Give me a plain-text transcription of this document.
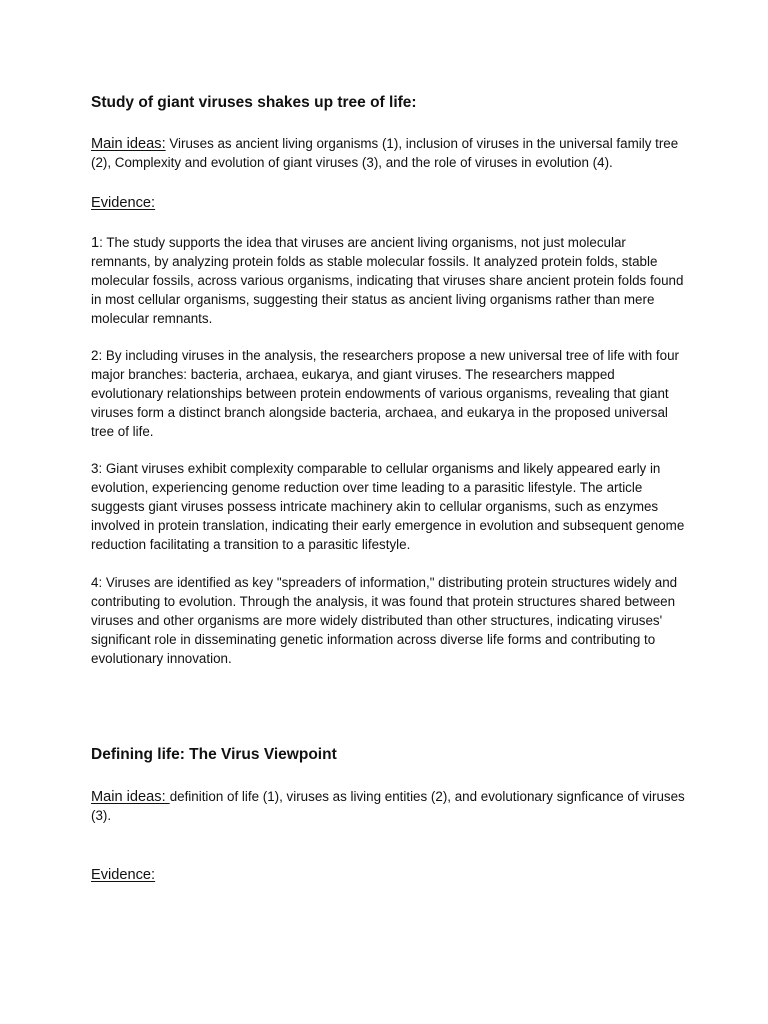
Study of giant viruses shakes up tree of life:

Main ideas: Viruses as ancient living organisms (1), inclusion of viruses in the universal family tree (2), Complexity and evolution of giant viruses (3), and the role of viruses in evolution (4).

Evidence:

1: The study supports the idea that viruses are ancient living organisms, not just molecular remnants, by analyzing protein folds as stable molecular fossils. It analyzed protein folds, stable molecular fossils, across various organisms, indicating that viruses share ancient protein folds found in most cellular organisms, suggesting their status as ancient living organisms rather than mere molecular remnants.

2: By including viruses in the analysis, the researchers propose a new universal tree of life with four major branches: bacteria, archaea, eukarya, and giant viruses. The researchers mapped evolutionary relationships between protein endowments of various organisms, revealing that giant viruses form a distinct branch alongside bacteria, archaea, and eukarya in the proposed universal tree of life.

3: Giant viruses exhibit complexity comparable to cellular organisms and likely appeared early in evolution, experiencing genome reduction over time leading to a parasitic lifestyle. The article suggests giant viruses possess intricate machinery akin to cellular organisms, such as enzymes involved in protein translation, indicating their early emergence in evolution and subsequent genome reduction facilitating a transition to a parasitic lifestyle.

4: Viruses are identified as key "spreaders of information," distributing protein structures widely and contributing to evolution. Through the analysis, it was found that protein structures shared between viruses and other organisms are more widely distributed than other structures, indicating viruses' significant role in disseminating genetic information across diverse life forms and contributing to evolutionary innovation.

Defining life: The Virus Viewpoint

Main ideas: definition of life (1), viruses as living entities (2), and evolutionary signficance of viruses (3).

Evidence:
